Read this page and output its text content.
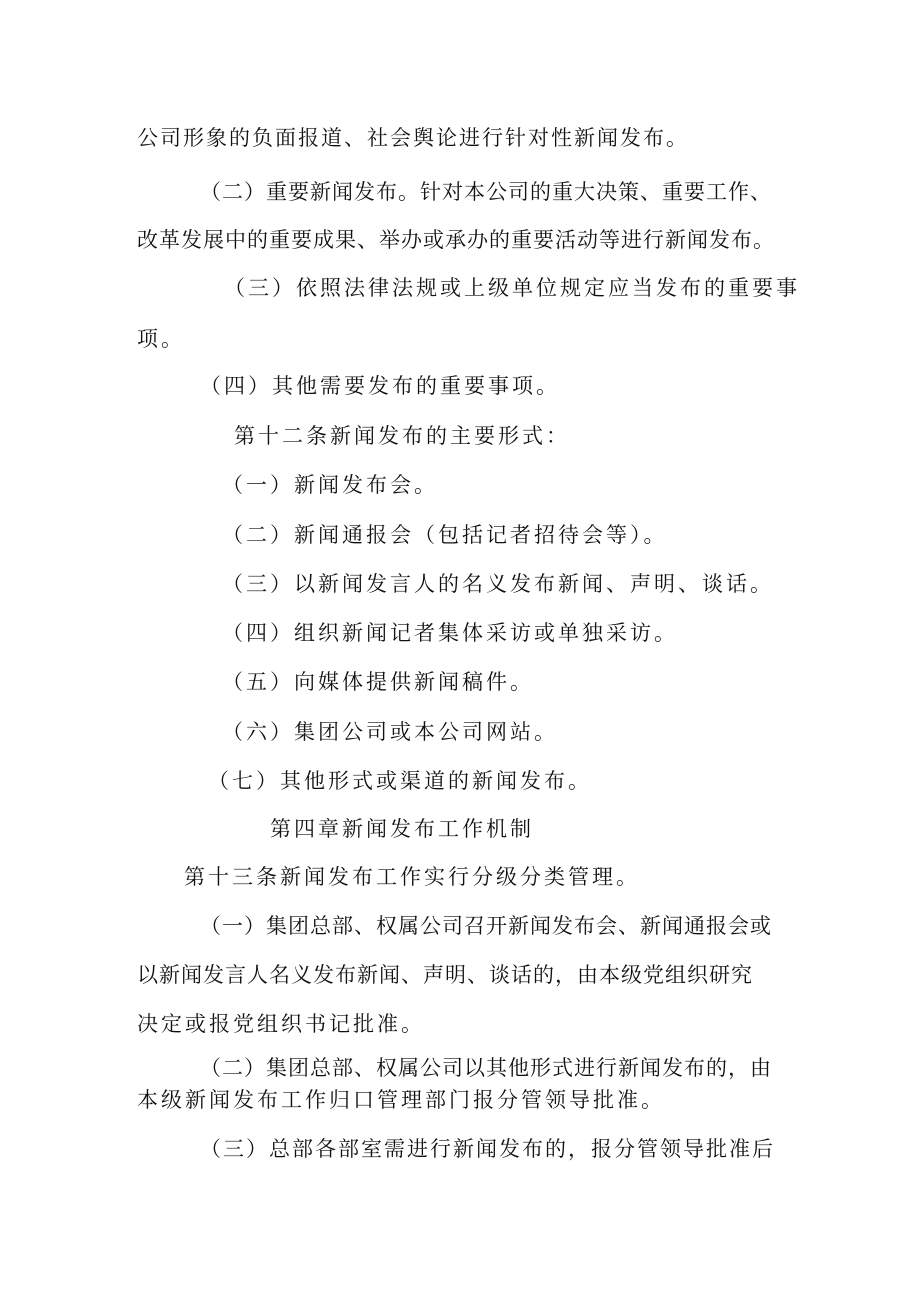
公司形象的负面报道、社会舆论进行针对性新闻发布。
（二）重要新闻发布。针对本公司的重大决策、重要工作、
改革发展中的重要成果、举办或承办的重要活动等进行新闻发布。
（三）依照法律法规或上级单位规定应当发布的重要事
项。
（四）其他需要发布的重要事项。
第十二条新闻发布的主要形式：
（一）新闻发布会。
（二）新闻通报会（包括记者招待会等）。
（三）以新闻发言人的名义发布新闻、声明、谈话。
（四）组织新闻记者集体采访或单独采访。
（五）向媒体提供新闻稿件。
（六）集团公司或本公司网站。
（七）其他形式或渠道的新闻发布。
第四章新闻发布工作机制
第十三条新闻发布工作实行分级分类管理。
（一）集团总部、权属公司召开新闻发布会、新闻通报会或
以新闻发言人名义发布新闻、声明、谈话的，由本级党组织研究
决定或报党组织书记批准。
（二）集团总部、权属公司以其他形式进行新闻发布的，由
本级新闻发布工作归口管理部门报分管领导批准。
（三）总部各部室需进行新闻发布的，报分管领导批准后
